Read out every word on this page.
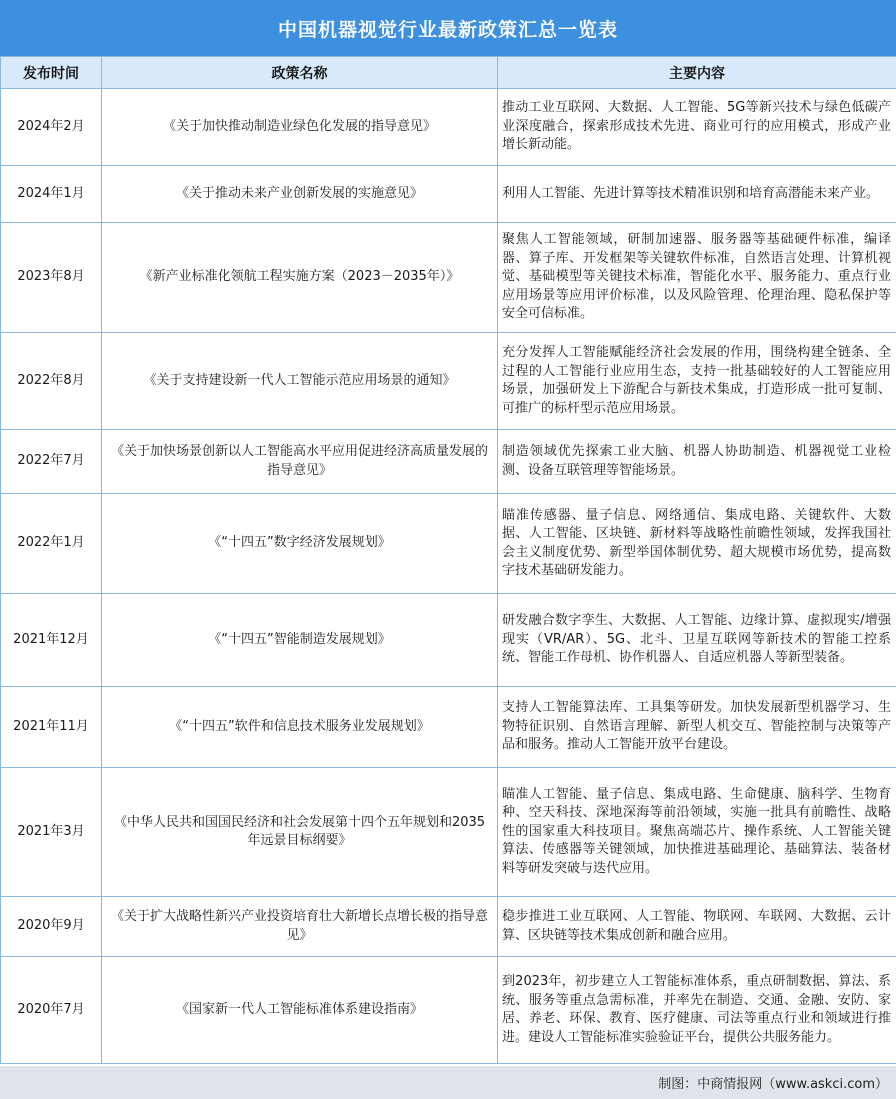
中国机器视觉行业最新政策汇总一览表
发布时间	政策名称	主要内容
2024年2月	《关于加快推动制造业绿色化发展的指导意见》	推动工业互联网、大数据、人工智能、5G等新兴技术与绿色低碳产业深度融合，探索形成技术先进、商业可行的应用模式，形成产业增长新动能。
2024年1月	《关于推动未来产业创新发展的实施意见》	利用人工智能、先进计算等技术精准识别和培育高潜能未来产业。
2023年8月	《新产业标准化领航工程实施方案（2023－2035年）》	聚焦人工智能领域，研制加速器、服务器等基础硬件标准，编译器、算子库、开发框架等关键软件标准，自然语言处理、计算机视觉、基础模型等关键技术标准，智能化水平、服务能力、重点行业应用场景等应用评价标准，以及风险管理、伦理治理、隐私保护等安全可信标准。
2022年8月	《关于支持建设新一代人工智能示范应用场景的通知》	充分发挥人工智能赋能经济社会发展的作用，围绕构建全链条、全过程的人工智能行业应用生态，支持一批基础较好的人工智能应用场景，加强研发上下游配合与新技术集成，打造形成一批可复制、可推广的标杆型示范应用场景。
2022年7月	《关于加快场景创新以人工智能高水平应用促进经济高质量发展的指导意见》	制造领域优先探索工业大脑、机器人协助制造、机器视觉工业检测、设备互联管理等智能场景。
2022年1月	《“十四五”数字经济发展规划》	瞄准传感器、量子信息、网络通信、集成电路、关键软件、大数据、人工智能、区块链、新材料等战略性前瞻性领域，发挥我国社会主义制度优势、新型举国体制优势、超大规模市场优势，提高数字技术基础研发能力。
2021年12月	《“十四五”智能制造发展规划》	研发融合数字孪生、大数据、人工智能、边缘计算、虚拟现实/增强现实（VR/AR）、5G、北斗、卫星互联网等新技术的智能工控系统、智能工作母机、协作机器人、自适应机器人等新型装备。
2021年11月	《“十四五”软件和信息技术服务业发展规划》	支持人工智能算法库、工具集等研发。加快发展新型机器学习、生物特征识别、自然语言理解、新型人机交互、智能控制与决策等产品和服务。推动人工智能开放平台建设。
2021年3月	《中华人民共和国国民经济和社会发展第十四个五年规划和2035年远景目标纲要》	瞄准人工智能、量子信息、集成电路、生命健康、脑科学、生物育种、空天科技、深地深海等前沿领域，实施一批具有前瞻性、战略性的国家重大科技项目。聚焦高端芯片、操作系统、人工智能关键算法、传感器等关键领域，加快推进基础理论、基础算法、装备材料等研发突破与迭代应用。
2020年9月	《关于扩大战略性新兴产业投资培育壮大新增长点增长极的指导意见》	稳步推进工业互联网、人工智能、物联网、车联网、大数据、云计算、区块链等技术集成创新和融合应用。
2020年7月	《国家新一代人工智能标准体系建设指南》	到2023年，初步建立人工智能标准体系，重点研制数据、算法、系统、服务等重点急需标准，并率先在制造、交通、金融、安防、家居、养老、环保、教育、医疗健康、司法等重点行业和领域进行推进。建设人工智能标准实验验证平台，提供公共服务能力。
制图：中商情报网（www.askci.com）
